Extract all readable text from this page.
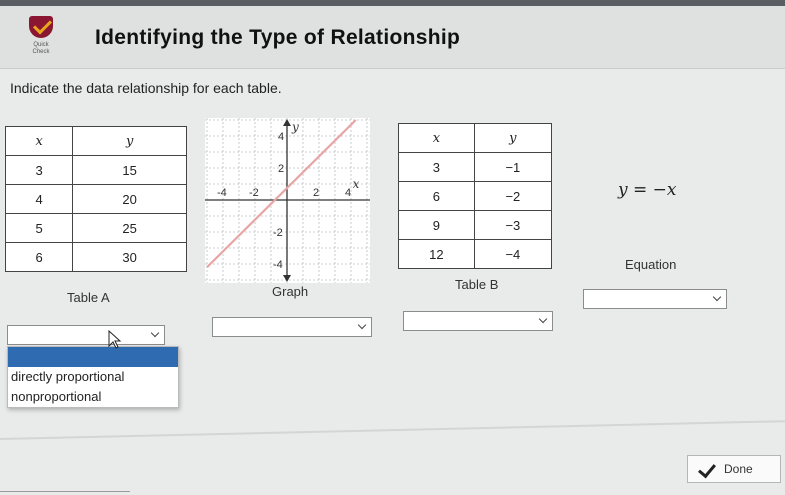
Quick Check
Identifying the Type of Relationship
Indicate the data relationship for each table.
x	y
3	15
4	20
5	25
6	30
Table A
y
x
-4 -2	2 4
4
2
-2
-4
Graph
x	y
3	−1
6	−2
9	−3
12	−4
Table B
y = −x
Equation
directly proportional
nonproportional
Done
